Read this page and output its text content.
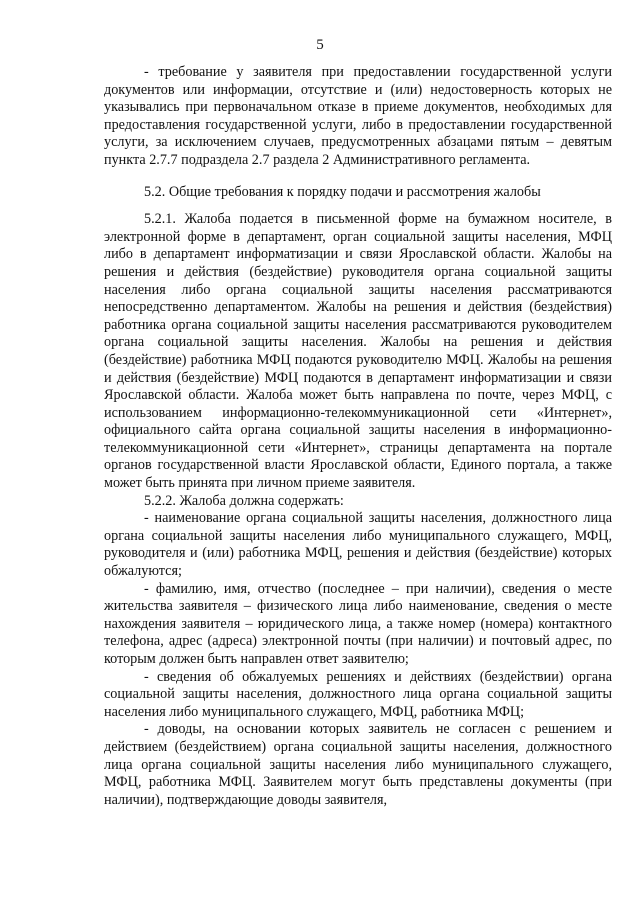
5

- требование у заявителя при предоставлении государственной услуги документов или информации, отсутствие и (или) недостоверность которых не указывались при первоначальном отказе в приеме документов, необходимых для предоставления государственной услуги, либо в предоставлении государственной услуги, за исключением случаев, предусмотренных абзацами пятым – девятым пункта 2.7.7 подраздела 2.7 раздела 2 Административного регламента.

5.2. Общие требования к порядку подачи и рассмотрения жалобы

5.2.1. Жалоба подается в письменной форме на бумажном носителе, в электронной форме в департамент, орган социальной защиты населения, МФЦ либо в департамент информатизации и связи Ярославской области. Жалобы на решения и действия (бездействие) руководителя органа социальной защиты населения либо органа социальной защиты населения рассматриваются непосредственно департаментом. Жалобы на решения и действия (бездействия) работника органа социальной защиты населения рассматриваются руководителем органа социальной защиты населения. Жалобы на решения и действия (бездействие) работника МФЦ подаются руководителю МФЦ. Жалобы на решения и действия (бездействие) МФЦ подаются в департамент информатизации и связи Ярославской области. Жалоба может быть направлена по почте, через МФЦ, с использованием информационно-телекоммуникационной сети «Интернет», официального сайта органа социальной защиты населения в информационно-телекоммуникационной сети «Интернет», страницы департамента на портале органов государственной власти Ярославской области, Единого портала, а также может быть принята при личном приеме заявителя.

5.2.2. Жалоба должна содержать:

- наименование органа социальной защиты населения, должностного лица органа социальной защиты населения либо муниципального служащего, МФЦ, руководителя и (или) работника МФЦ, решения и действия (бездействие) которых обжалуются;

- фамилию, имя, отчество (последнее – при наличии), сведения о месте жительства заявителя – физического лица либо наименование, сведения о месте нахождения заявителя – юридического лица, а также номер (номера) контактного телефона, адрес (адреса) электронной почты (при наличии) и почтовый адрес, по которым должен быть направлен ответ заявителю;

- сведения об обжалуемых решениях и действиях (бездействии) органа социальной защиты населения, должностного лица органа социальной защиты населения либо муниципального служащего, МФЦ, работника МФЦ;

- доводы, на основании которых заявитель не согласен с решением и действием (бездействием) органа социальной защиты населения, должностного лица органа социальной защиты населения либо муниципального служащего, МФЦ, работника МФЦ. Заявителем могут быть представлены документы (при наличии), подтверждающие доводы заявителя,
